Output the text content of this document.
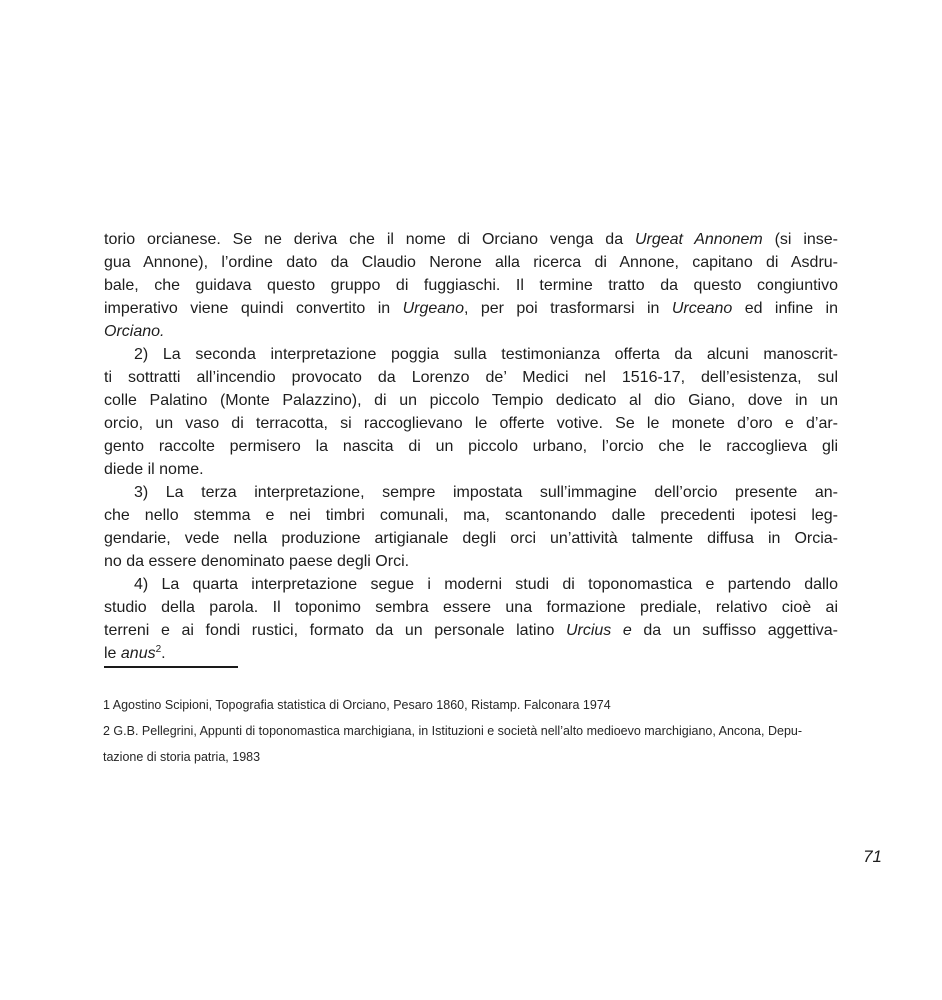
torio orcianese. Se ne deriva che il nome di Orciano venga da Urgeat Annonem (si inse-
gua Annone), l’ordine dato da Claudio Nerone alla ricerca di Annone, capitano di Asdru-
bale, che guidava questo gruppo di fuggiaschi. Il termine tratto da questo congiuntivo
imperativo viene quindi convertito in Urgeano, per poi trasformarsi in Urceano ed infine in
Orciano.
2) La seconda interpretazione poggia sulla testimonianza offerta da alcuni manoscrit-
ti sottratti all’incendio provocato da Lorenzo de’ Medici nel 1516-17, dell’esistenza, sul
colle Palatino (Monte Palazzino), di un piccolo Tempio dedicato al dio Giano, dove in un
orcio, un vaso di terracotta, si raccoglievano le offerte votive. Se le monete d’oro e d’ar-
gento raccolte permisero la nascita di un piccolo urbano, l’orcio che le raccoglieva gli
diede il nome.
3) La terza interpretazione, sempre impostata sull’immagine dell’orcio presente an-
che nello stemma e nei timbri comunali, ma, scantonando dalle precedenti ipotesi leg-
gendarie, vede nella produzione artigianale degli orci un’attività talmente diffusa in Orcia-
no da essere denominato paese degli Orci.
4) La quarta interpretazione segue i moderni studi di toponomastica e partendo dallo
studio della parola. Il toponimo sembra essere una formazione prediale, relativo cioè ai
terreni e ai fondi rustici, formato da un personale latino Urcius e da un suffisso aggettiva-
le anus$^2$.
1 Agostino Scipioni, Topografia statistica di Orciano, Pesaro 1860, Ristamp. Falconara 1974
2 G.B. Pellegrini, Appunti di toponomastica marchigiana, in Istituzioni e società nell’alto medioevo marchigiano, Ancona, Depu-
tazione di storia patria, 1983
71
